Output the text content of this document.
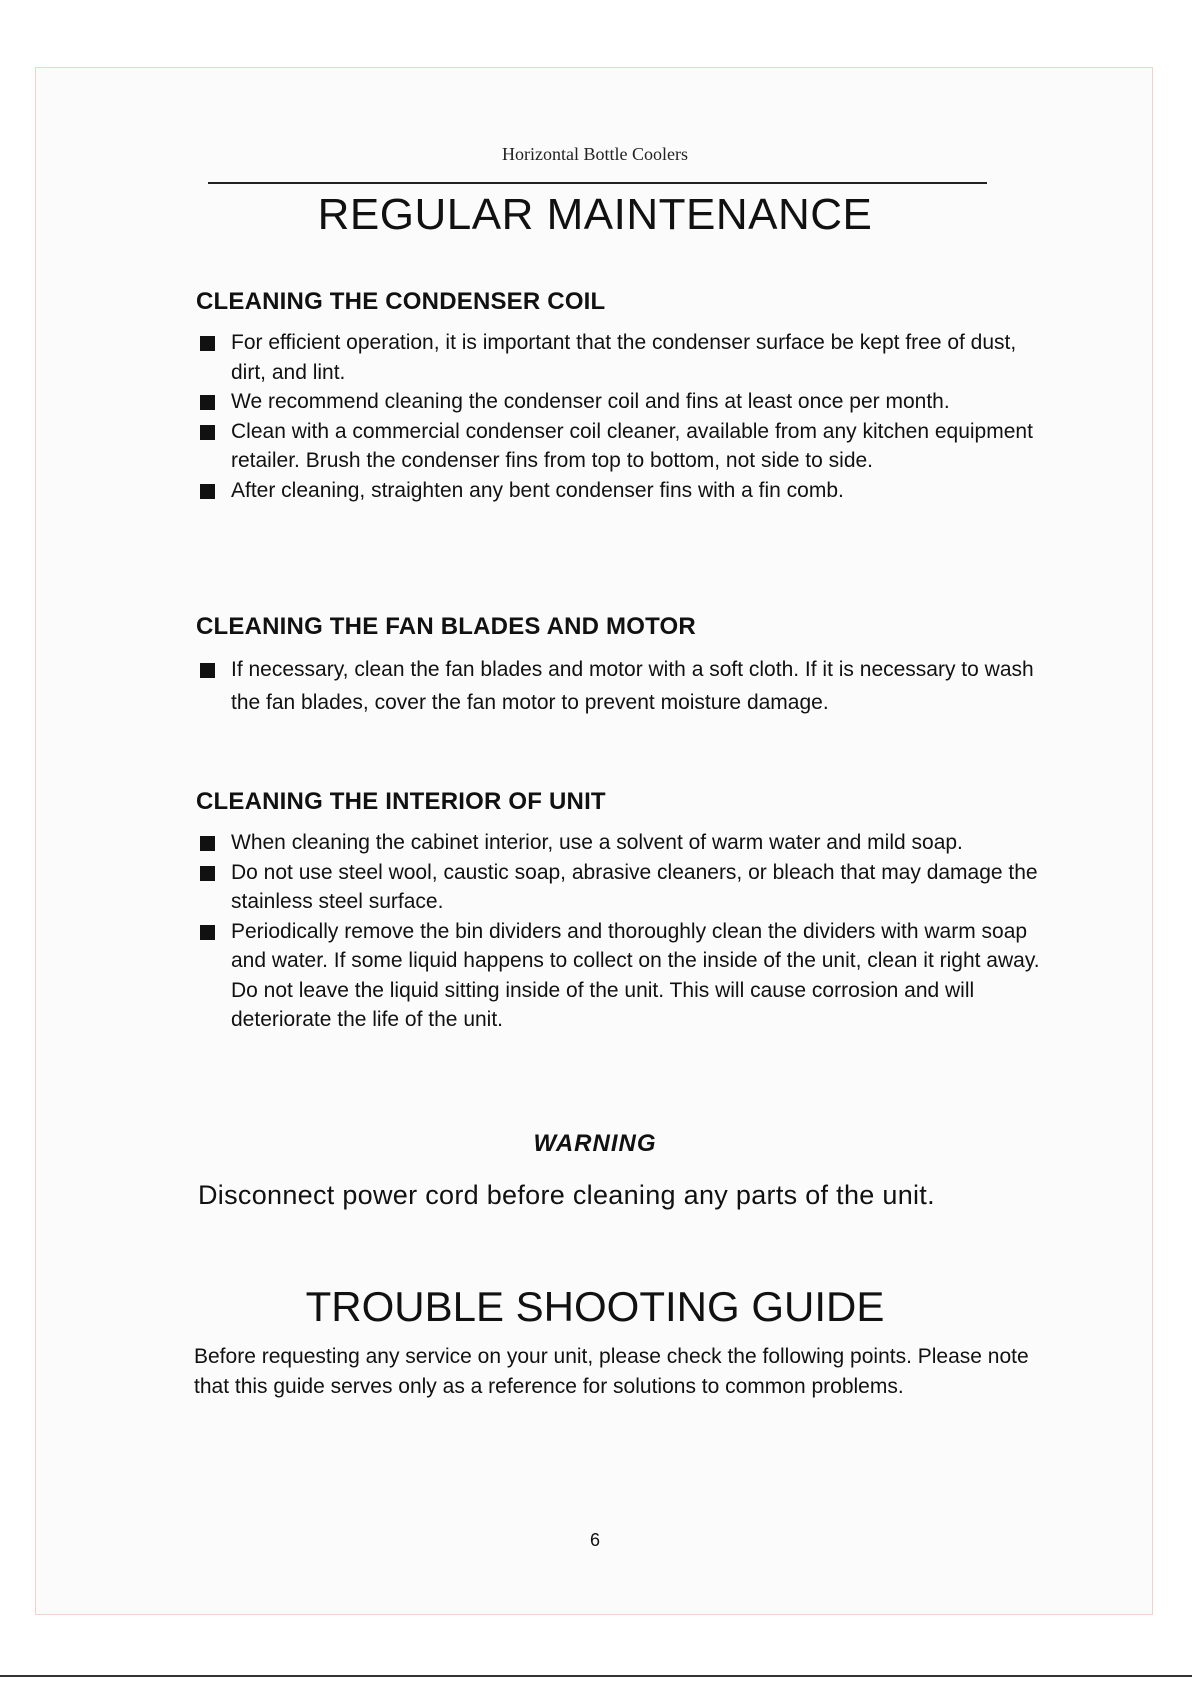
Horizontal Bottle Coolers
REGULAR MAINTENANCE
CLEANING THE CONDENSER COIL
For efficient operation, it is important that the condenser surface be kept free of dust, dirt, and lint.
We recommend cleaning the condenser coil and fins at least once per month.
Clean with a commercial condenser coil cleaner, available from any kitchen equipment retailer. Brush the condenser fins from top to bottom, not side to side.
After cleaning, straighten any bent condenser fins with a fin comb.
CLEANING THE FAN BLADES AND MOTOR
If necessary, clean the fan blades and motor with a soft cloth. If it is necessary to wash the fan blades, cover the fan motor to prevent moisture damage.
CLEANING THE INTERIOR OF UNIT
When cleaning the cabinet interior, use a solvent of warm water and mild soap.
Do not use steel wool, caustic soap, abrasive cleaners, or bleach that may damage the stainless steel surface.
Periodically remove the bin dividers and thoroughly clean the dividers with warm soap and water. If some liquid happens to collect on the inside of the unit, clean it right away. Do not leave the liquid sitting inside of the unit. This will cause corrosion and will deteriorate the life of the unit.
WARNING

Disconnect power cord before cleaning any parts of the unit.

TROUBLE SHOOTING GUIDE

Before requesting any service on your unit, please check the following points. Please note that this guide serves only as a reference for solutions to common problems.

6
